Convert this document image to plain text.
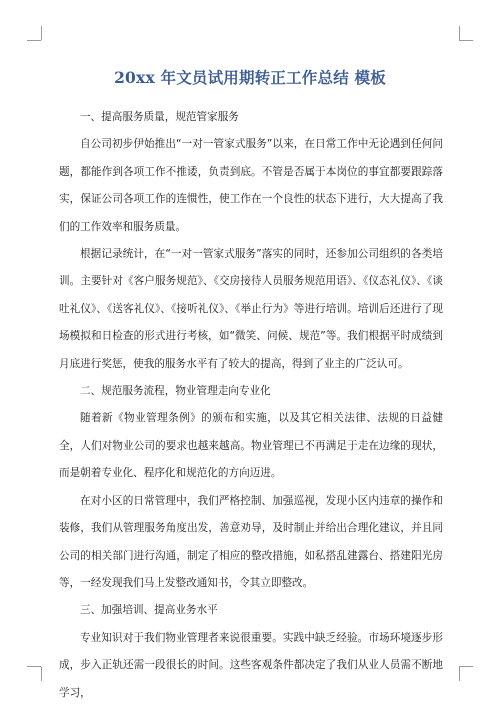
20xx 年文员试用期转正工作总结 模板

一、提高服务质量，规范管家服务

自公司初步伊始推出“一对一管家式服务”以来，在日常工作中无论遇到任何问题，都能作到各项工作不推诿，负责到底。不管是否属于本岗位的事宜都要跟踪落实，保证公司各项工作的连惯性，使工作在一个良性的状态下进行，大大提高了我们的工作效率和服务质量。

根据记录统计，在“一对一管家式服务”落实的同时，还参加公司组织的各类培训。主要针对《客户服务规范》、《交房接待人员服务规范用语》、《仪态礼仪》、《谈吐礼仪》、《送客礼仪》、《接听礼仪》、《举止行为》等进行培训。培训后还进行了现场模拟和日检查的形式进行考核，如“微笑、问候、规范”等。我们根据平时成绩到月底进行奖惩，使我的服务水平有了较大的提高，得到了业主的广泛认可。

二、规范服务流程，物业管理走向专业化

随着新《物业管理条例》的颁布和实施，以及其它相关法律、法规的日益健全，人们对物业公司的要求也越来越高。物业管理已不再满足于走在边缘的现状，而是朝着专业化、程序化和规范化的方向迈进。

在对小区的日常管理中，我们严格控制、加强巡视，发现小区内违章的操作和装修，我们从管理服务角度出发，善意劝导，及时制止并给出合理化建议，并且同公司的相关部门进行沟通，制定了相应的整改措施，如私搭乱建露台、搭建阳光房等，一经发现我们马上发整改通知书，令其立即整改。

三、加强培训、提高业务水平

专业知识对于我们物业管理者来说很重要。实践中缺乏经验。市场环境逐步形成，步入正轨还需一段很长的时间。这些客观条件都决定了我们从业人员需不断地学习，
